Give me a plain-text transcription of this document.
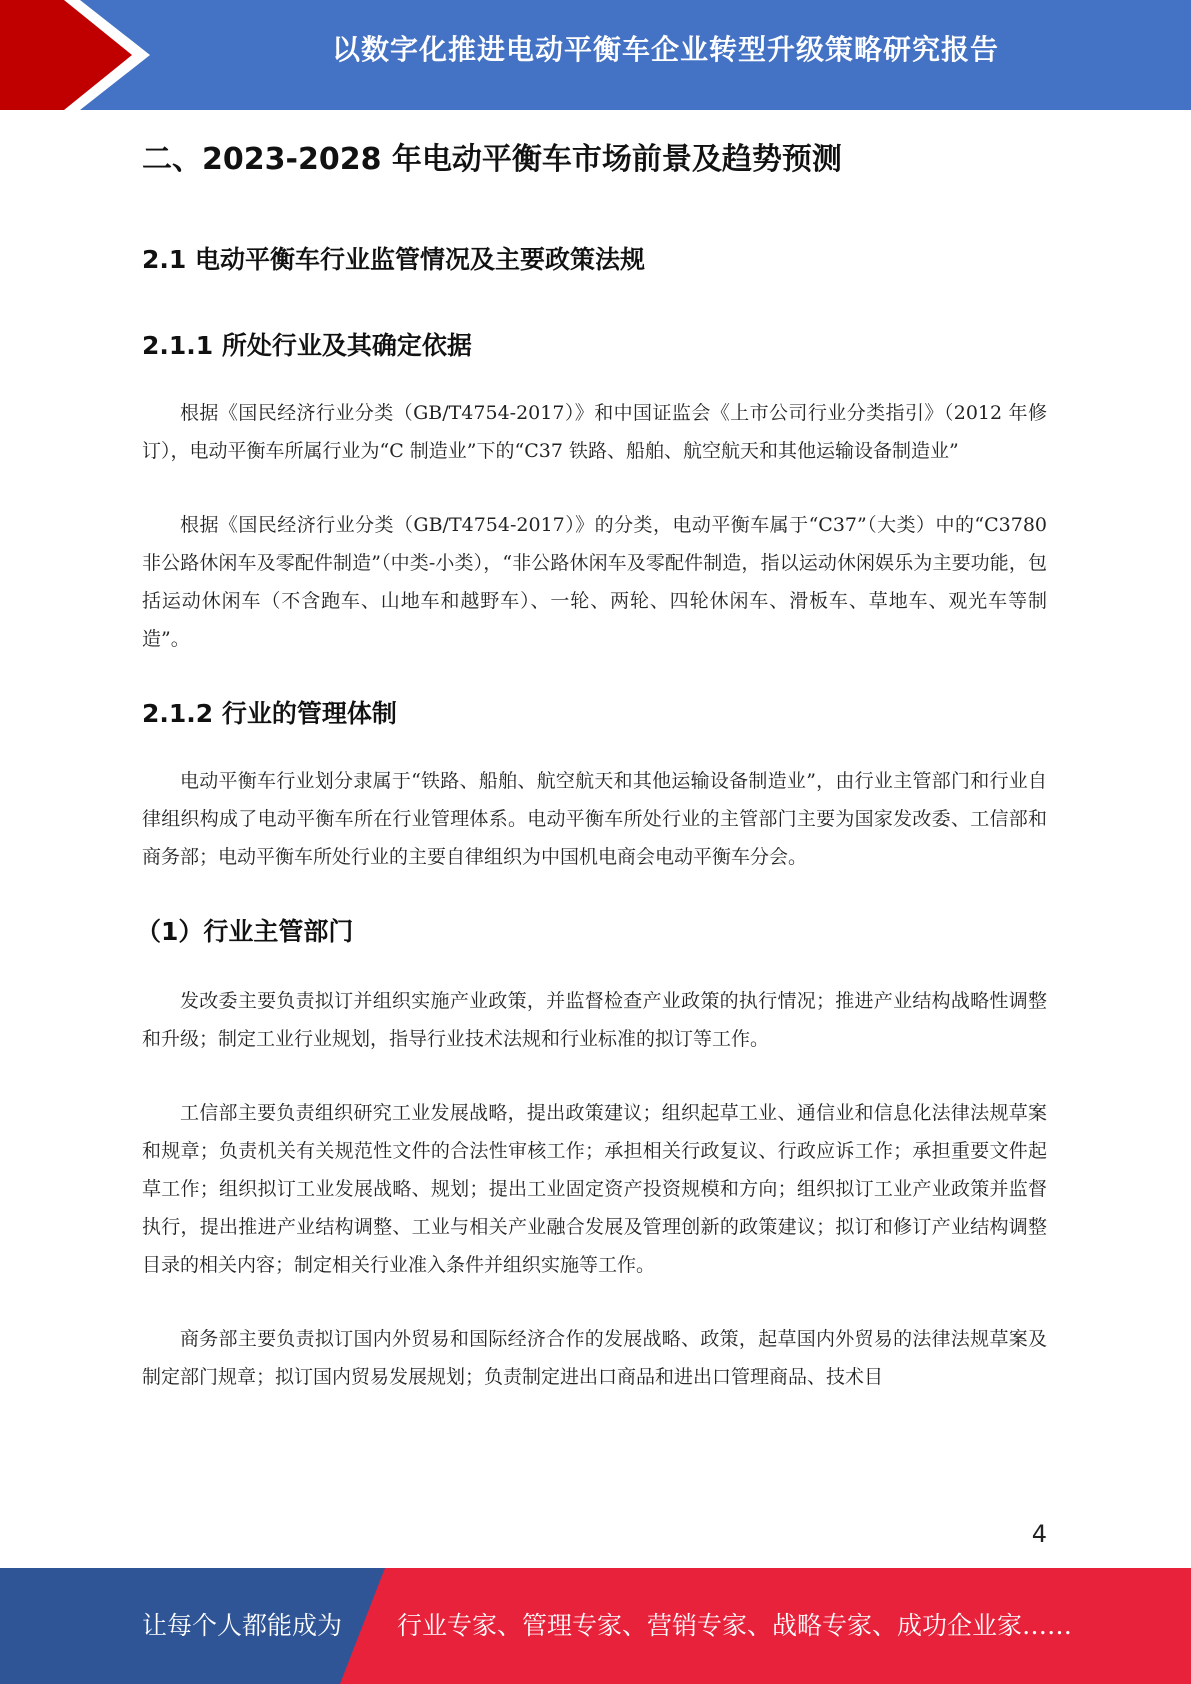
以数字化推进电动平衡车企业转型升级策略研究报告
二、2023-2028 年电动平衡车市场前景及趋势预测
2.1 电动平衡车行业监管情况及主要政策法规
2.1.1 所处行业及其确定依据

根据《国民经济行业分类（GB/T4754-2017）》和中国证监会《上市公司行业分类指引》（2012 年修订），电动平衡车所属行业为“C 制造业”下的“C37 铁路、船舶、航空航天和其他运输设备制造业”

根据《国民经济行业分类（GB/T4754-2017）》的分类，电动平衡车属于“C37”（大类）中的“C3780 非公路休闲车及零配件制造”（中类-小类），“非公路休闲车及零配件制造，指以运动休闲娱乐为主要功能，包括运动休闲车（不含跑车、山地车和越野车）、一轮、两轮、四轮休闲车、滑板车、草地车、观光车等制造”。

2.1.2 行业的管理体制

电动平衡车行业划分隶属于“铁路、船舶、航空航天和其他运输设备制造业”，由行业主管部门和行业自律组织构成了电动平衡车所在行业管理体系。电动平衡车所处行业的主管部门主要为国家发改委、工信部和商务部；电动平衡车所处行业的主要自律组织为中国机电商会电动平衡车分会。

（1）行业主管部门

发改委主要负责拟订并组织实施产业政策，并监督检查产业政策的执行情况；推进产业结构战略性调整和升级；制定工业行业规划，指导行业技术法规和行业标准的拟订等工作。

工信部主要负责组织研究工业发展战略，提出政策建议；组织起草工业、通信业和信息化法律法规草案和规章；负责机关有关规范性文件的合法性审核工作；承担相关行政复议、行政应诉工作；承担重要文件起草工作；组织拟订工业发展战略、规划；提出工业固定资产投资规模和方向；组织拟订工业产业政策并监督执行，提出推进产业结构调整、工业与相关产业融合发展及管理创新的政策建议；拟订和修订产业结构调整目录的相关内容；制定相关行业准入条件并组织实施等工作。

商务部主要负责拟订国内外贸易和国际经济合作的发展战略、政策，起草国内外贸易的法律法规草案及制定部门规章；拟订国内贸易发展规划；负责制定进出口商品和进出口管理商品、技术目

4
让每个人都能成为 行业专家、管理专家、营销专家、战略专家、成功企业家……
